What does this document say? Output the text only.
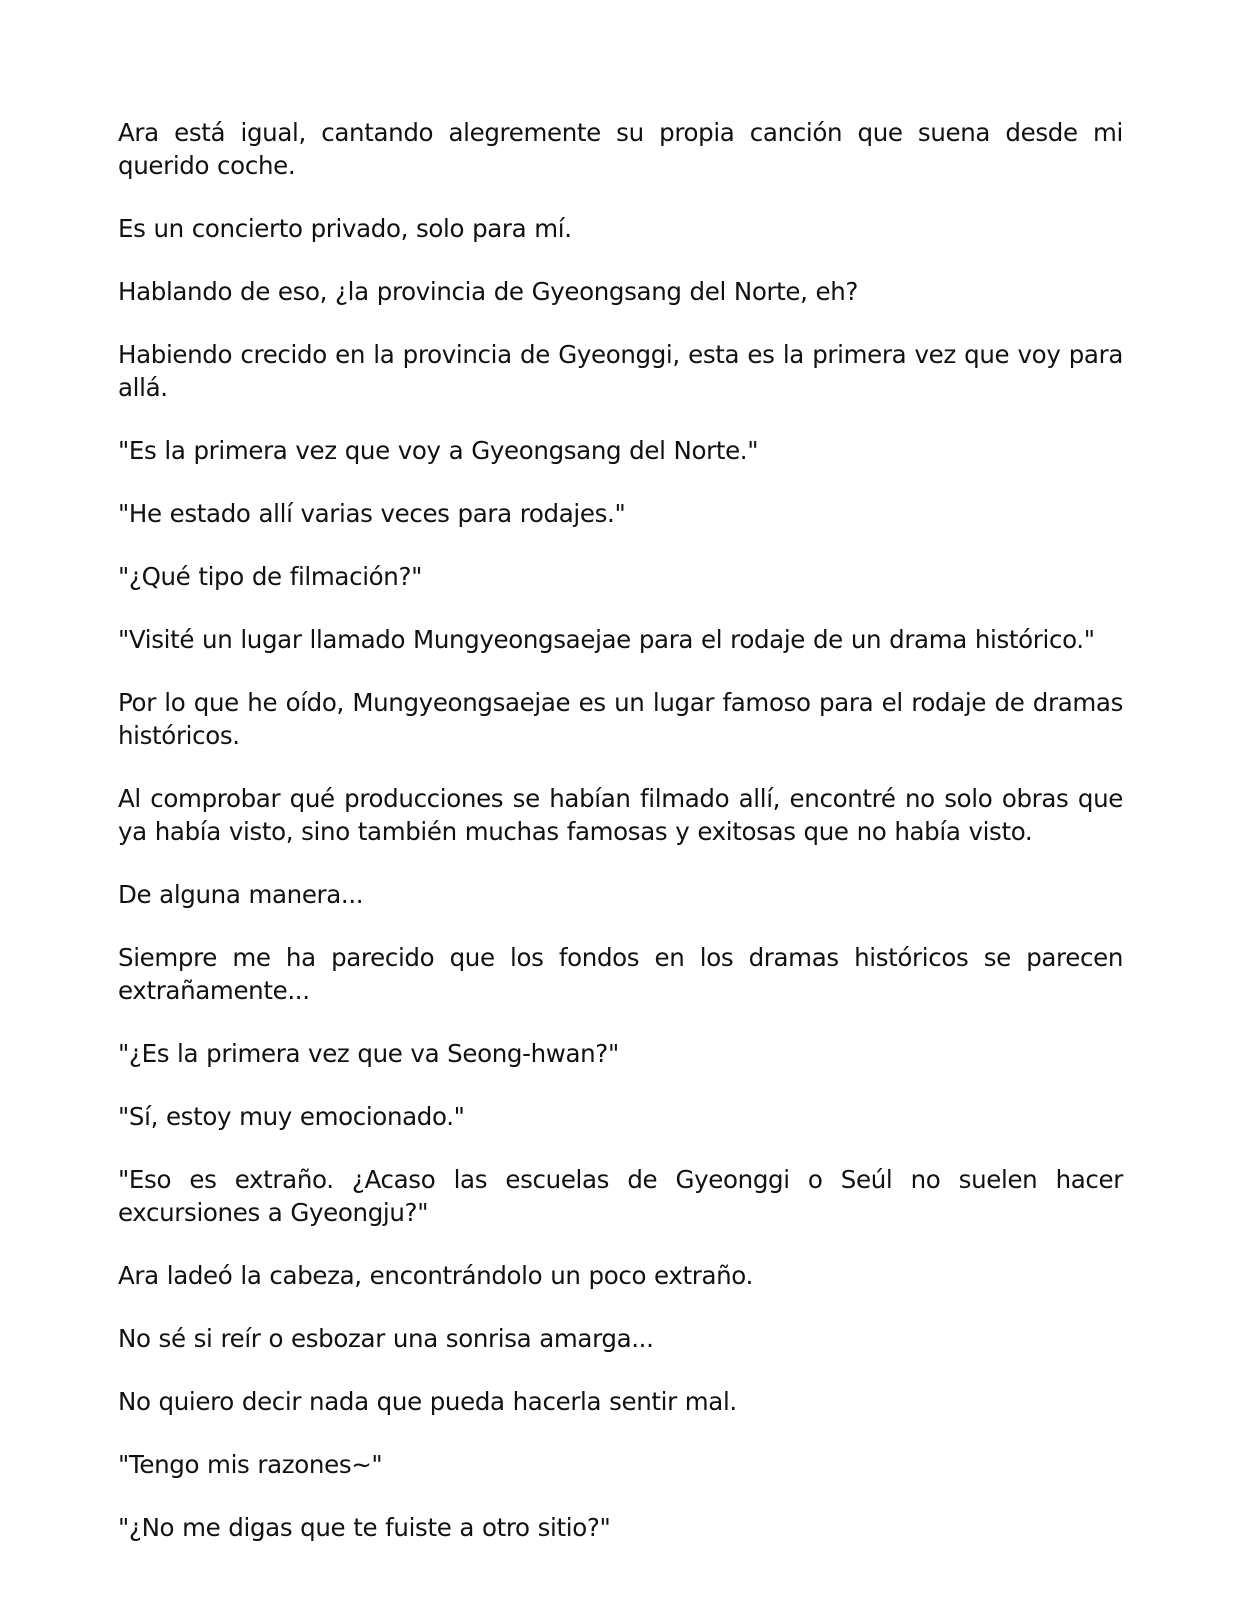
Ara está igual, cantando alegremente su propia canción que suena desde mi querido coche.

Es un concierto privado, solo para mí.

Hablando de eso, ¿la provincia de Gyeongsang del Norte, eh?

Habiendo crecido en la provincia de Gyeonggi, esta es la primera vez que voy para allá.

"Es la primera vez que voy a Gyeongsang del Norte."

"He estado allí varias veces para rodajes."

"¿Qué tipo de filmación?"

"Visité un lugar llamado Mungyeongsaejae para el rodaje de un drama histórico."

Por lo que he oído, Mungyeongsaejae es un lugar famoso para el rodaje de dramas históricos.

Al comprobar qué producciones se habían filmado allí, encontré no solo obras que ya había visto, sino también muchas famosas y exitosas que no había visto.

De alguna manera...

Siempre me ha parecido que los fondos en los dramas históricos se parecen extrañamente...

"¿Es la primera vez que va Seong-hwan?"

"Sí, estoy muy emocionado."

"Eso es extraño. ¿Acaso las escuelas de Gyeonggi o Seúl no suelen hacer excursiones a Gyeongju?"

Ara ladeó la cabeza, encontrándolo un poco extraño.

No sé si reír o esbozar una sonrisa amarga...

No quiero decir nada que pueda hacerla sentir mal.

"Tengo mis razones~"

"¿No me digas que te fuiste a otro sitio?"
